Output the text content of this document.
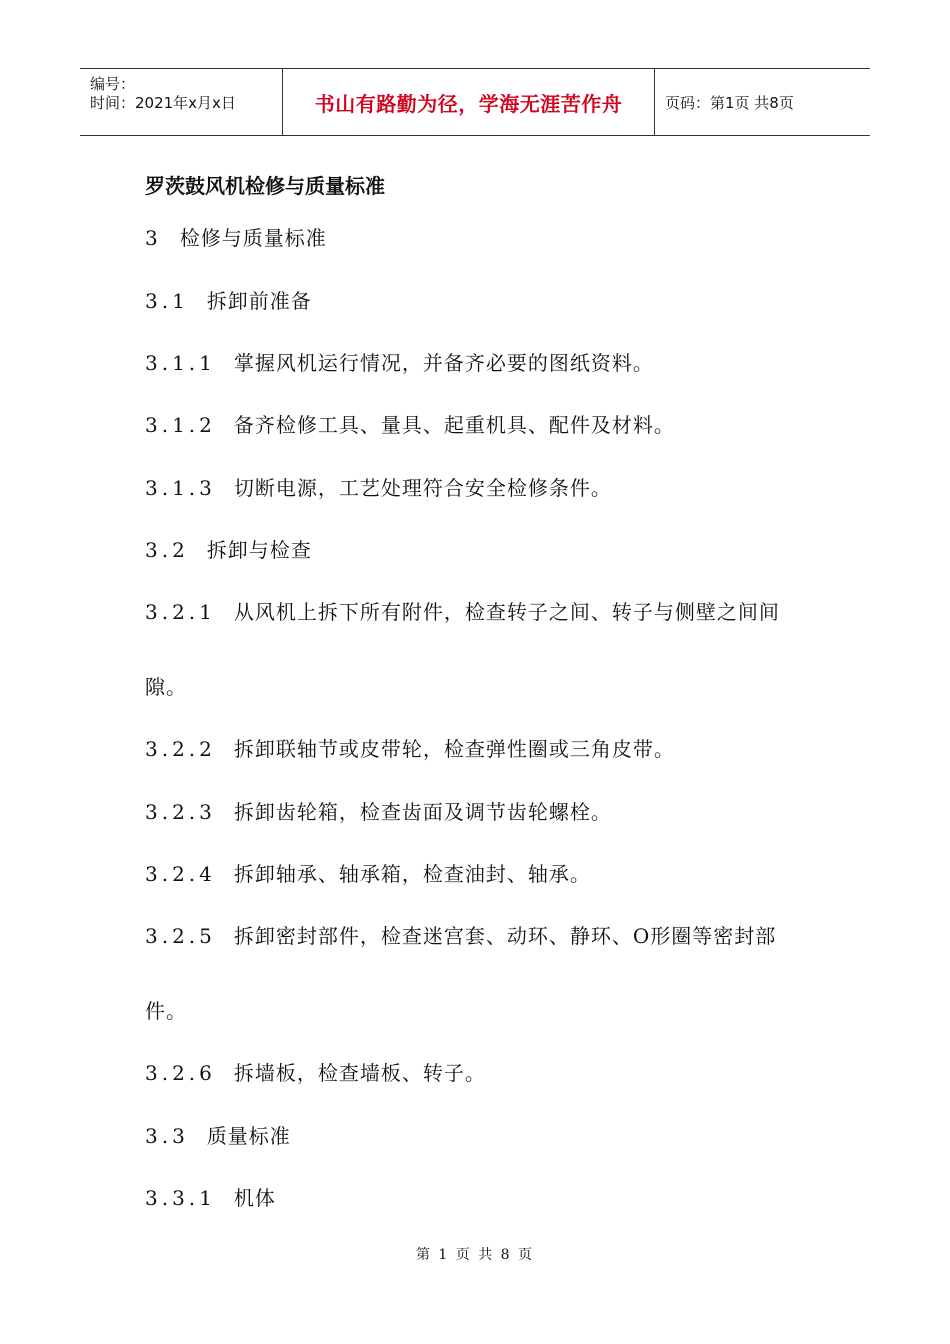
编号：
时间：2021年x月x日	书山有路勤为径，学海无涯苦作舟	页码：第1页 共8页
罗茨鼓风机检修与质量标准
3 检修与质量标准
3.1 拆卸前准备
3.1.1 掌握风机运行情况，并备齐必要的图纸资料。
3.1.2 备齐检修工具、量具、起重机具、配件及材料。
3.1.3 切断电源，工艺处理符合安全检修条件。
3.2 拆卸与检查
3.2.1 从风机上拆下所有附件，检查转子之间、转子与侧壁之间间
隙。
3.2.2 拆卸联轴节或皮带轮，检查弹性圈或三角皮带。
3.2.3 拆卸齿轮箱，检查齿面及调节齿轮螺栓。
3.2.4 拆卸轴承、轴承箱，检查油封、轴承。
3.2.5 拆卸密封部件，检查迷宫套、动环、静环、O形圈等密封部
件。
3.2.6 拆墙板，检查墙板、转子。
3.3 质量标准
3.3.1 机体
第 1 页 共 8 页
